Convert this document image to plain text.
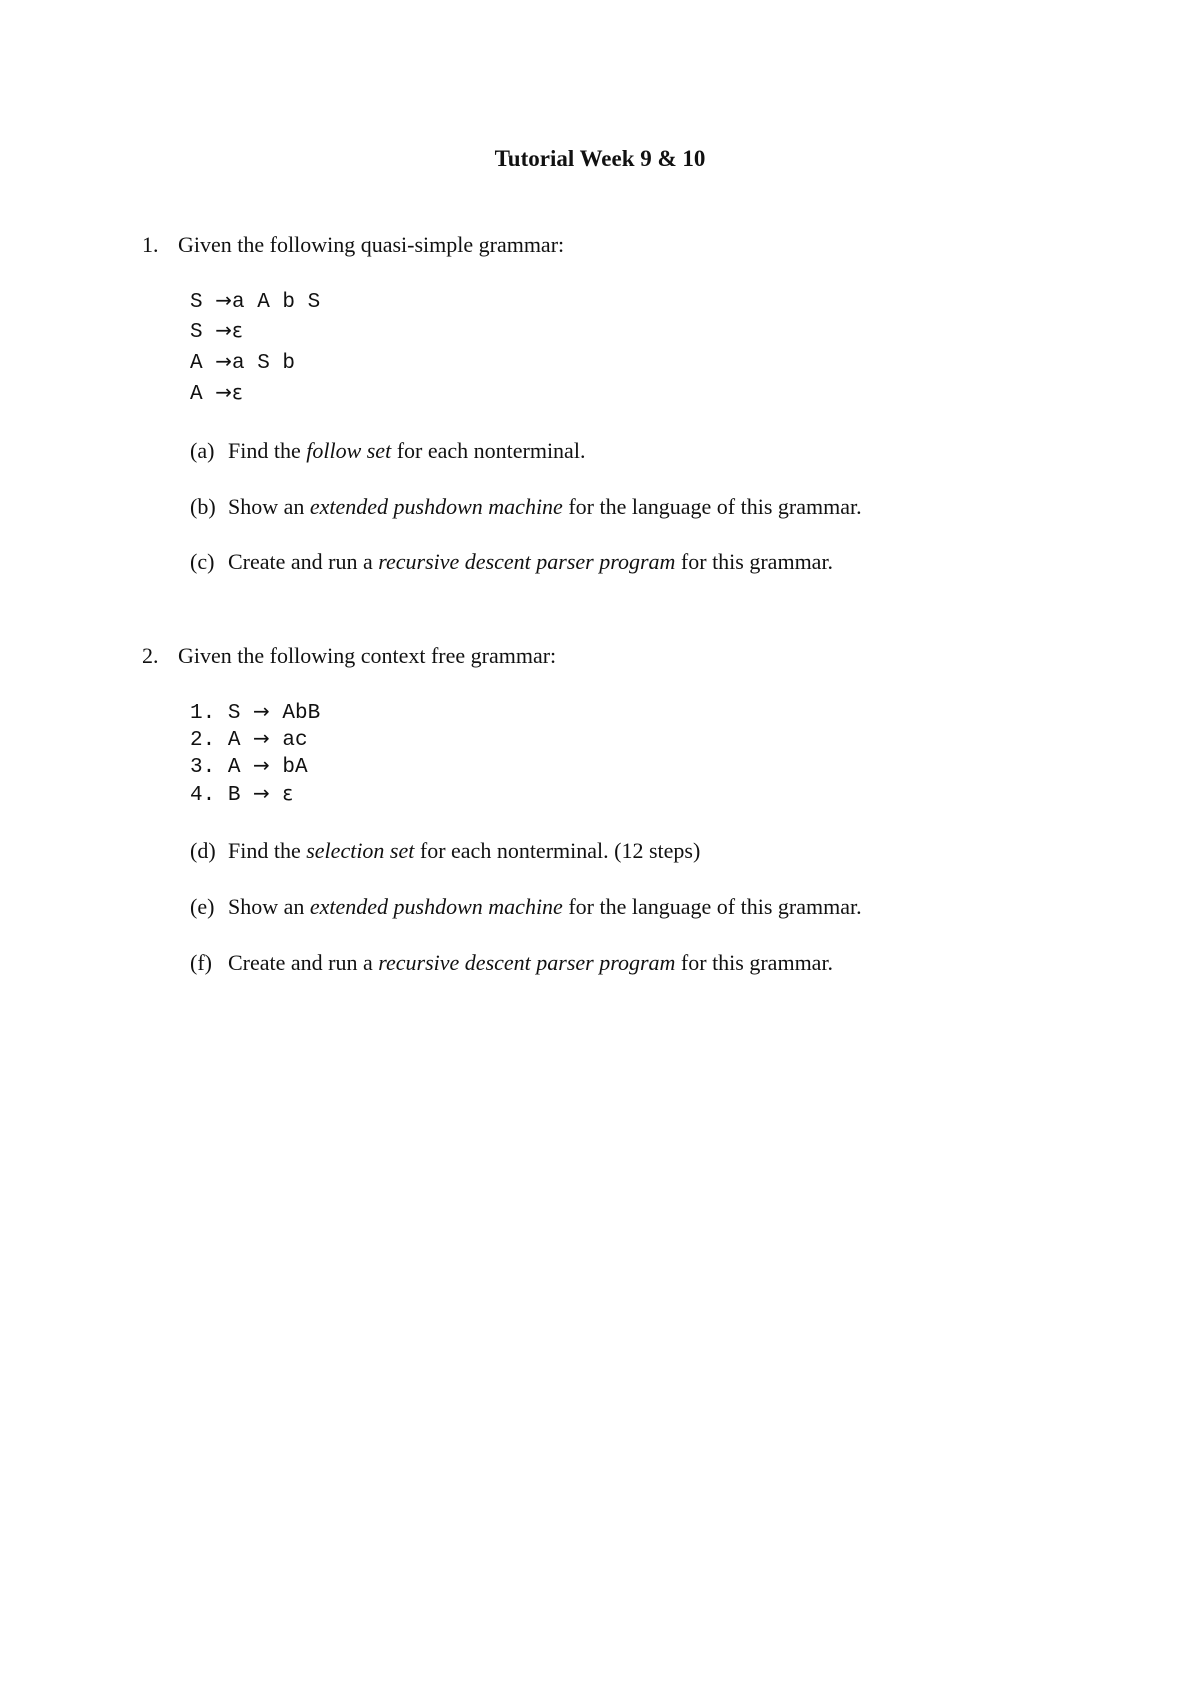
Tutorial Week 9 & 10
1. Given the following quasi-simple grammar:
S →a A b S
S →ε
A →a S b
A →ε
(a) Find the follow set for each nonterminal.
(b) Show an extended pushdown machine for the language of this grammar.
(c) Create and run a recursive descent parser program for this grammar.
2. Given the following context free grammar:
1. S → AbB
2. A → ac
3. A → bA
4. B → ε
(d) Find the selection set for each nonterminal. (12 steps)
(e) Show an extended pushdown machine for the language of this grammar.
(f) Create and run a recursive descent parser program for this grammar.
